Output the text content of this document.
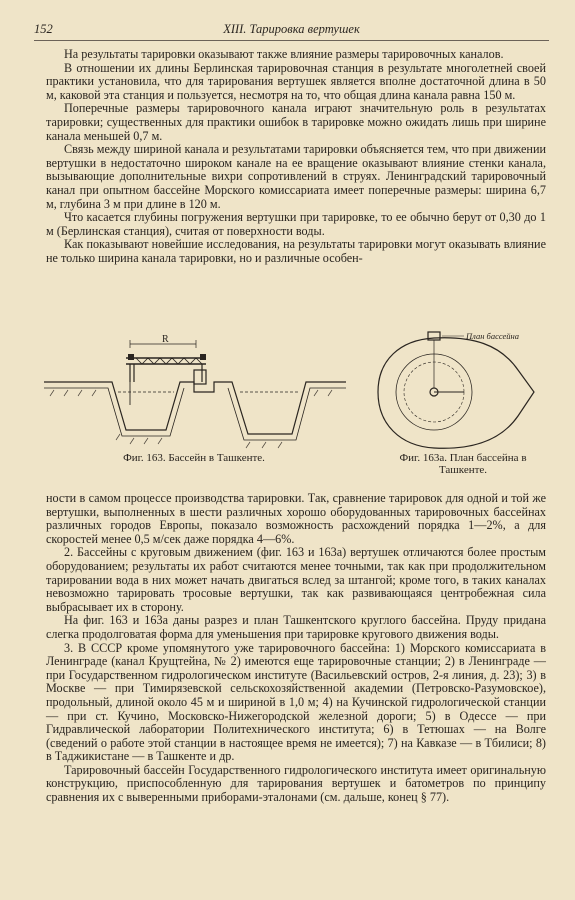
152	XIII. Тарировка вертушек

На результаты тарировки оказывают также влияние размеры тарировочных каналов.

В отношении их длины Берлинская тарировочная станция в результате многолетней своей практики установила, что для тарирования вертушек является вполне достаточной длина в 50 м, каковой эта станция и пользуется, несмотря на то, что общая длина канала равна 150 м.

Поперечные размеры тарировочного канала играют значительную роль в результатах тарировки; существенных для практики ошибок в тарировке можно ожидать лишь при ширине канала меньшей 0,7 м.

Связь между шириной канала и результатами тарировки объясняется тем, что при движении вертушки в недостаточно широком канале на ее вращение оказывают влияние стенки канала, вызывающие дополнительные вихри сопротивлений в струях. Ленинградский тарировочный канал при опытном бассейне Морского комиссариата имеет поперечные размеры: ширина 6,7 м, глубина 3 м при длине в 120 м.

Что касается глубины погружения вертушки при тарировке, то ее обычно берут от 0,30 до 1 м (Берлинская станция), считая от поверхности воды.

Как показывают новейшие исследования, на результаты тарировки могут оказывать влияние не только ширина канала тарировки, но и различные особен-

R
Фиг. 163. Бассейн в Ташкенте.
План бассейна
Фиг. 163а. План бассейна в Ташкенте.

ности в самом процессе производства тарировки. Так, сравнение тарировок для одной и той же вертушки, выполненных в шести различных хорошо оборудованных тарировочных бассейнах различных городов Европы, показало возможность расхождений порядка 1—2%, а для скоростей менее 0,5 м/сек даже порядка 4—6%.

2. Бассейны с круговым движением (фиг. 163 и 163а) вертушек отличаются более простым оборудованием; результаты их работ считаются менее точными, так как при продолжительном тарировании вода в них может начать двигаться вслед за штангой; кроме того, в таких каналах невозможно тарировать тросовые вертушки, так как развивающаяся центробежная сила выбрасывает их в сторону.

На фиг. 163 и 163а даны разрез и план Ташкентского круглого бассейна. Пруду придана слегка продолговатая форма для уменьшения при тарировке кругового движения воды.

3. В СССР кроме упомянутого уже тарировочного бассейна: 1) Морского комиссариата в Ленинграде (канал Крущтейна, № 2) имеются еще тарировочные станции; 2) в Ленинграде — при Государственном гидрологическом институте (Васильевский остров, 2-я линия, д. 23); 3) в Москве — при Тимирязевской сельскохозяйственной академии (Петровско-Разумовское), продольный, длиной около 45 м и шириной в 1,0 м; 4) на Кучинской гидрологической станции — при ст. Кучино, Московско-Нижегородской железной дороги; 5) в Одессе — при Гидравлической лаборатории Политехнического института; 6) в Тетюшах — на Волге (сведений о работе этой станции в настоящее время не имеется); 7) на Кавказе — в Тбилиси; 8) в Таджикистане — в Ташкенте и др.

Тарировочный бассейн Государственного гидрологического института имеет оригинальную конструкцию, приспособленную для тарирования вертушек и батометров по принципу сравнения их с выверенными приборами-эталонами (см. дальше, конец § 77).
